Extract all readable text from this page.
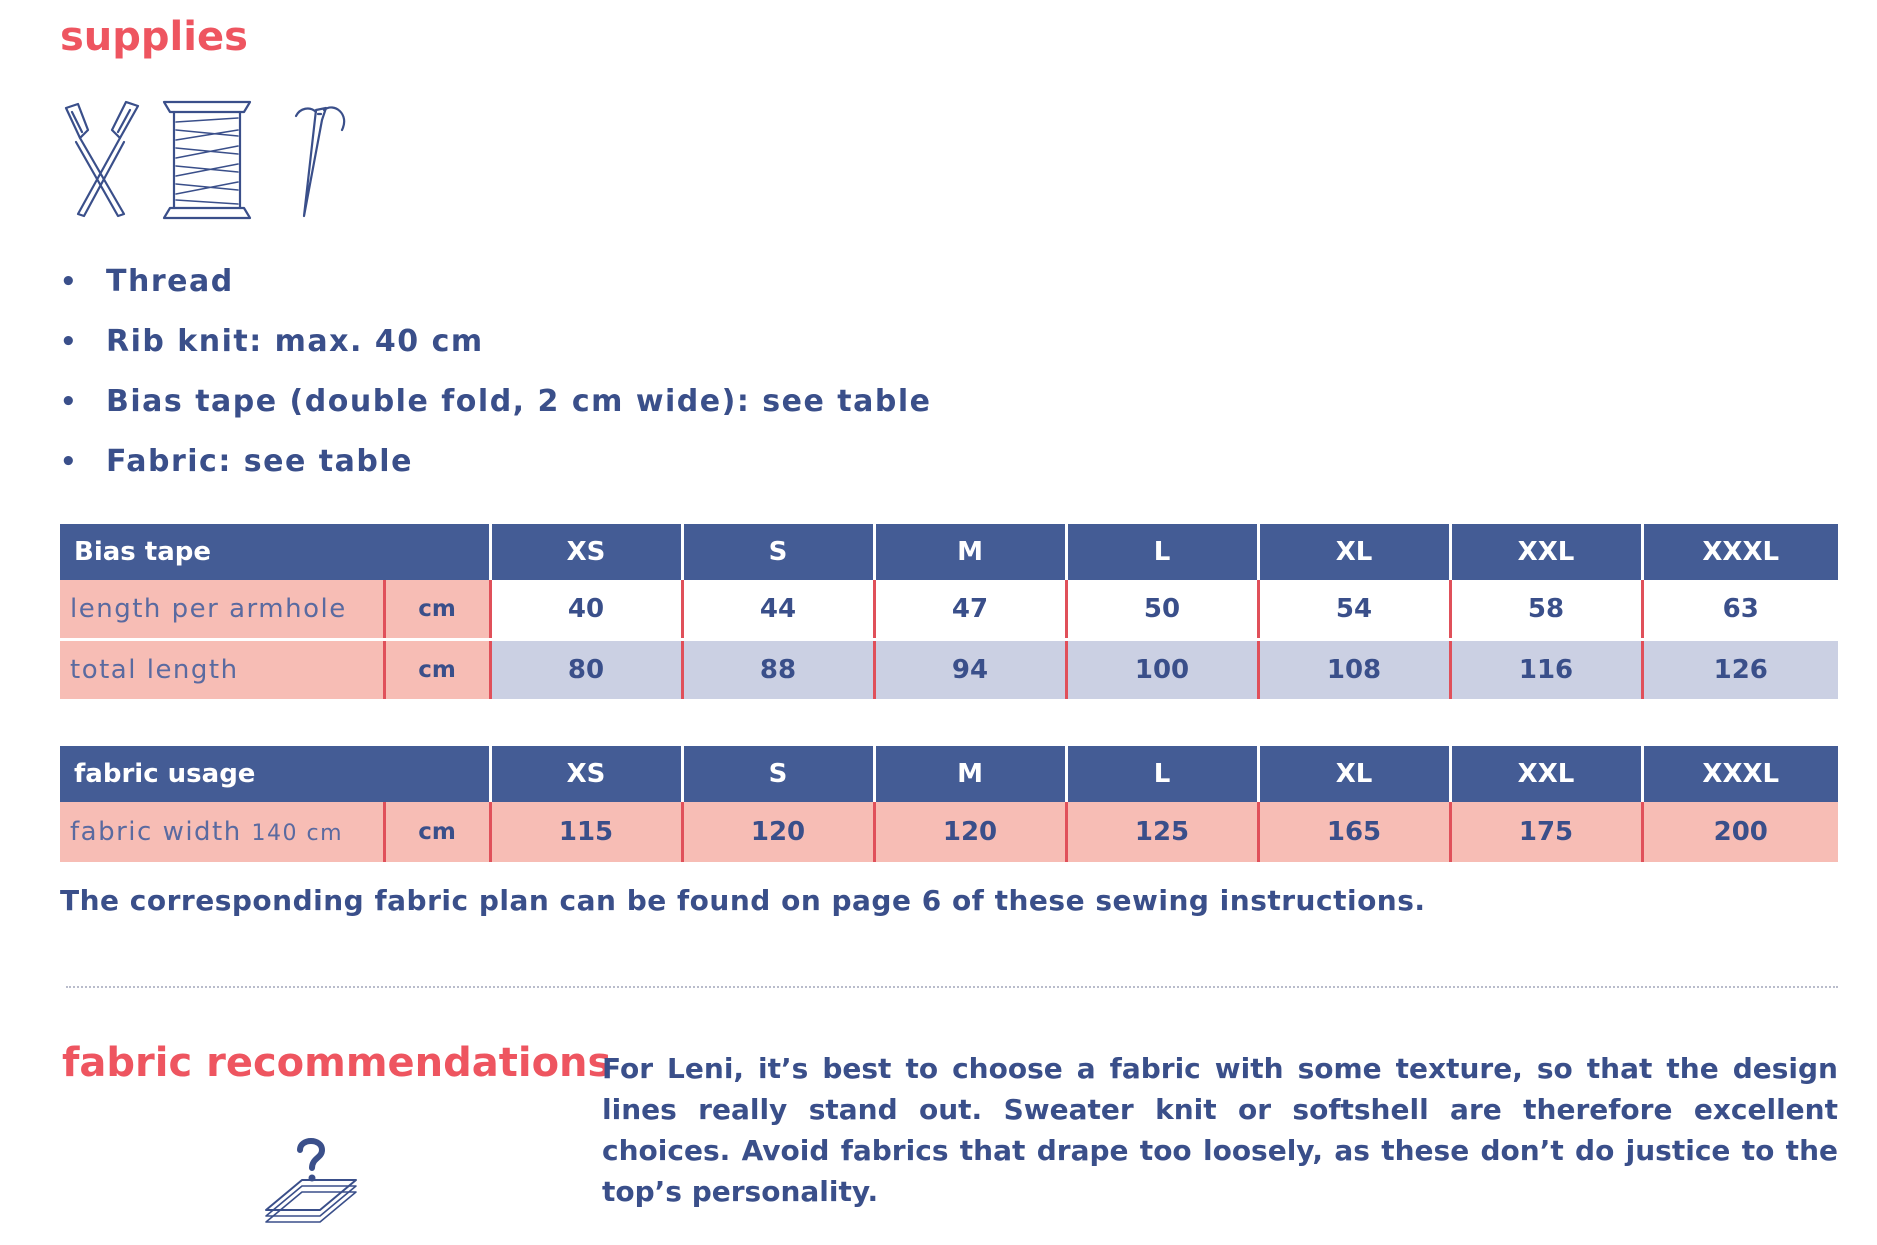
supplies
• Thread
• Rib knit: max. 40 cm
• Bias tape (double fold, 2 cm wide): see table
• Fabric: see table
Bias tape		XS	S	M	L	XL	XXL	XXXL
length per armhole	cm	40	44	47	50	54	58	63
total length	cm	80	88	94	100	108	116	126
fabric usage		XS	S	M	L	XL	XXL	XXXL
fabric width 140 cm	cm	115	120	120	125	165	175	200

The corresponding fabric plan can be found on page 6 of these sewing instructions.

fabric recommendations

For Leni, it’s best to choose a fabric with some texture, so that the design lines really stand out. Sweater knit or softshell are therefore excellent choices. Avoid fabrics that drape too loosely, as these don’t do justice to the top’s personality.
